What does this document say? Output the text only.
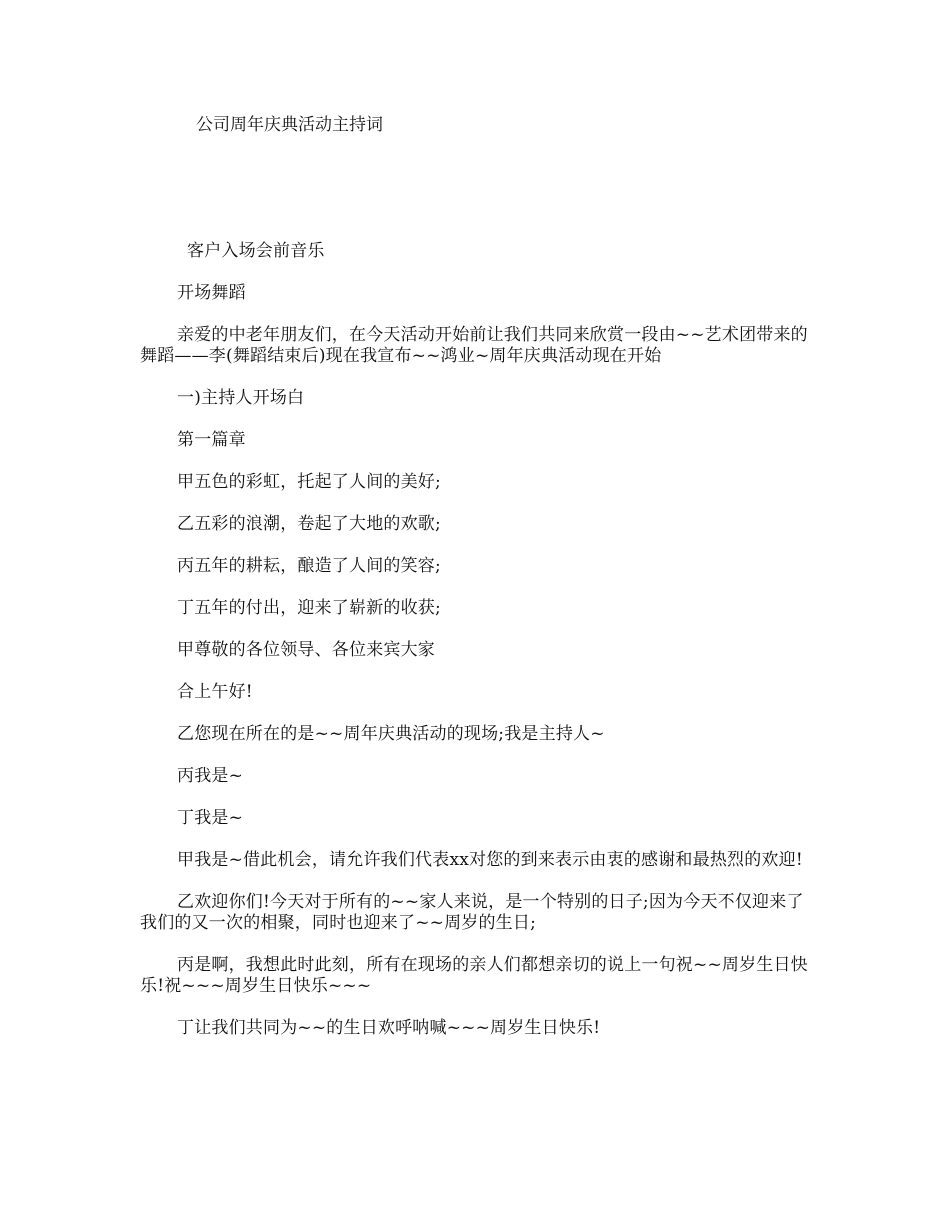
公司周年庆典活动主持词

客户入场会前音乐

开场舞蹈

亲爱的中老年朋友们，在今天活动开始前让我们共同来欣赏一段由~~艺术团带来的舞蹈——李(舞蹈结束后)现在我宣布~~鸿业~周年庆典活动现在开始

一)主持人开场白

第一篇章

甲五色的彩虹，托起了人间的美好;

乙五彩的浪潮，卷起了大地的欢歌;

丙五年的耕耘，酿造了人间的笑容;

丁五年的付出，迎来了崭新的收获;

甲尊敬的各位领导、各位来宾大家

合上午好!

乙您现在所在的是~~周年庆典活动的现场;我是主持人~

丙我是~

丁我是~

甲我是~借此机会，请允许我们代表xx对您的到来表示由衷的感谢和最热烈的欢迎!

乙欢迎你们!今天对于所有的~~家人来说，是一个特别的日子;因为今天不仅迎来了我们的又一次的相聚，同时也迎来了~~周岁的生日;

丙是啊，我想此时此刻，所有在现场的亲人们都想亲切的说上一句祝~~周岁生日快乐!祝~~~周岁生日快乐~~~

丁让我们共同为~~的生日欢呼呐喊~~~周岁生日快乐!
